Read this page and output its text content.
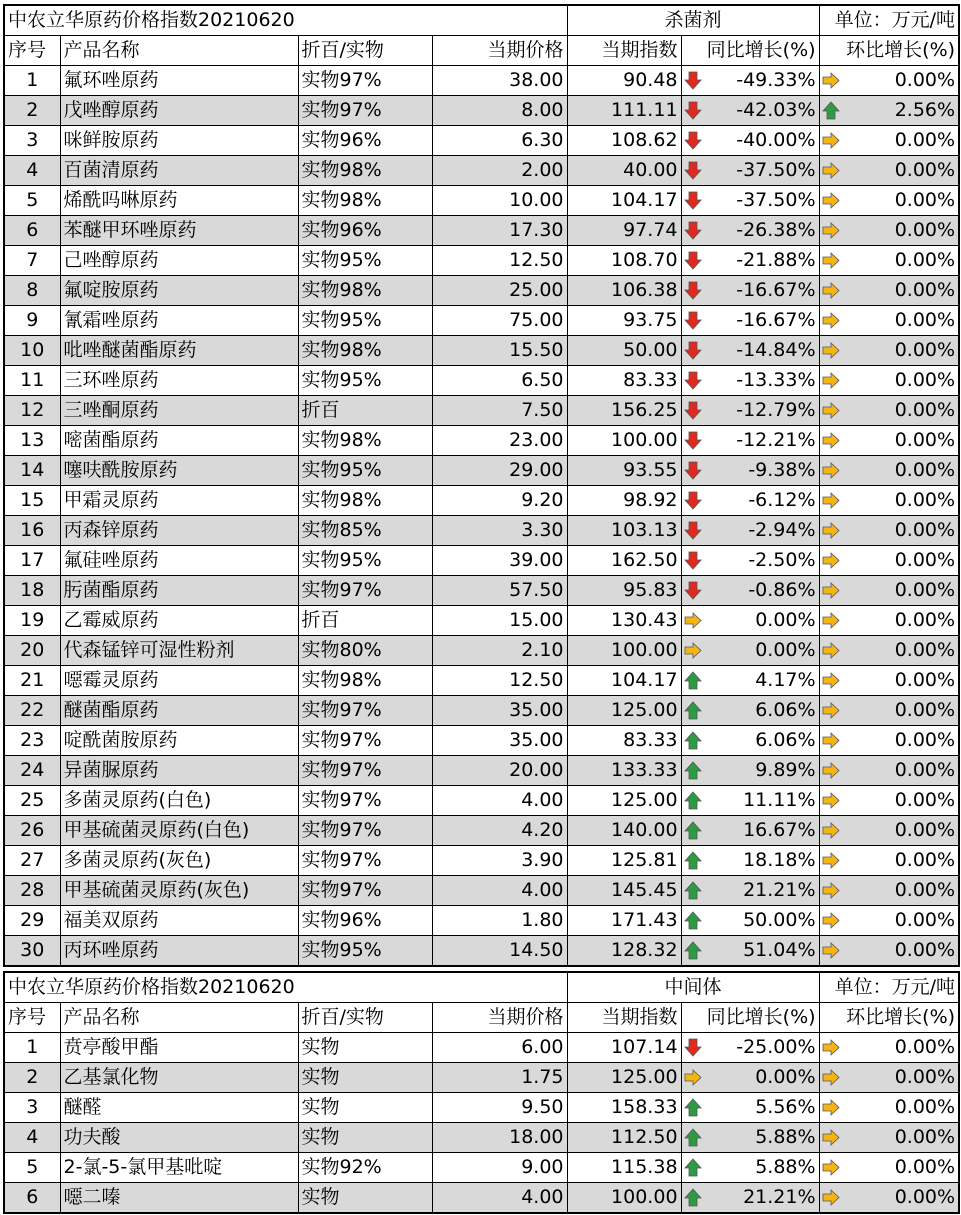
中农立华原药价格指数20210620				杀菌剂		单位：万元/吨
序号	产品名称	折百/实物	当期价格	当期指数	同比增长(%)	环比增长(%)
1	氟环唑原药	实物97%	38.00	90.48	-49.33%	0.00%
2	戊唑醇原药	实物97%	8.00	111.11	-42.03%	2.56%
3	咪鲜胺原药	实物96%	6.30	108.62	-40.00%	0.00%
4	百菌清原药	实物98%	2.00	40.00	-37.50%	0.00%
5	烯酰吗啉原药	实物98%	10.00	104.17	-37.50%	0.00%
6	苯醚甲环唑原药	实物96%	17.30	97.74	-26.38%	0.00%
7	己唑醇原药	实物95%	12.50	108.70	-21.88%	0.00%
8	氟啶胺原药	实物98%	25.00	106.38	-16.67%	0.00%
9	氰霜唑原药	实物95%	75.00	93.75	-16.67%	0.00%
10	吡唑醚菌酯原药	实物98%	15.50	50.00	-14.84%	0.00%
11	三环唑原药	实物95%	6.50	83.33	-13.33%	0.00%
12	三唑酮原药	折百	7.50	156.25	-12.79%	0.00%
13	嘧菌酯原药	实物98%	23.00	100.00	-12.21%	0.00%
14	噻呋酰胺原药	实物95%	29.00	93.55	-9.38%	0.00%
15	甲霜灵原药	实物98%	9.20	98.92	-6.12%	0.00%
16	丙森锌原药	实物85%	3.30	103.13	-2.94%	0.00%
17	氟硅唑原药	实物95%	39.00	162.50	-2.50%	0.00%
18	肟菌酯原药	实物97%	57.50	95.83	-0.86%	0.00%
19	乙霉威原药	折百	15.00	130.43	0.00%	0.00%
20	代森锰锌可湿性粉剂	实物80%	2.10	100.00	0.00%	0.00%
21	噁霉灵原药	实物98%	12.50	104.17	4.17%	0.00%
22	醚菌酯原药	实物97%	35.00	125.00	6.06%	0.00%
23	啶酰菌胺原药	实物97%	35.00	83.33	6.06%	0.00%
24	异菌脲原药	实物97%	20.00	133.33	9.89%	0.00%
25	多菌灵原药(白色)	实物97%	4.00	125.00	11.11%	0.00%
26	甲基硫菌灵原药(白色)	实物97%	4.20	140.00	16.67%	0.00%
27	多菌灵原药(灰色)	实物97%	3.90	125.81	18.18%	0.00%
28	甲基硫菌灵原药(灰色)	实物97%	4.00	145.45	21.21%	0.00%
29	福美双原药	实物96%	1.80	171.43	50.00%	0.00%
30	丙环唑原药	实物95%	14.50	128.32	51.04%	0.00%
中农立华原药价格指数20210620				中间体		单位：万元/吨
序号	产品名称	折百/实物	当期价格	当期指数	同比增长(%)	环比增长(%)
1	贲亭酸甲酯	实物	6.00	107.14	-25.00%	0.00%
2	乙基氯化物	实物	1.75	125.00	0.00%	0.00%
3	醚醛	实物	9.50	158.33	5.56%	0.00%
4	功夫酸	实物	18.00	112.50	5.88%	0.00%
5	2-氯-5-氯甲基吡啶	实物92%	9.00	115.38	5.88%	0.00%
6	噁二嗪	实物	4.00	100.00	21.21%	0.00%
